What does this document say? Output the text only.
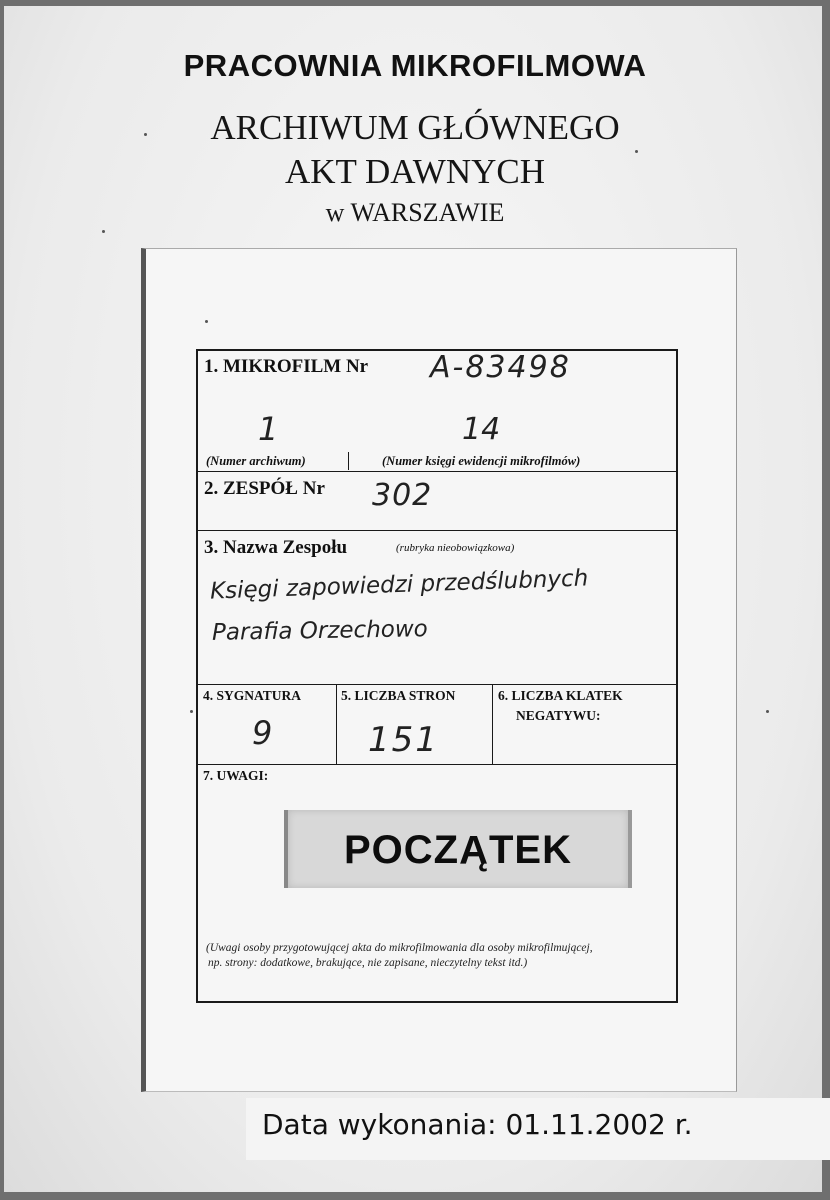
PRACOWNIA MIKROFILMOWA
ARCHIWUM GŁÓWNEGO
AKT DAWNYCH
w WARSZAWIE
1. MIKROFILM Nr A-83498
1	14
(Numer archiwum)	(Numer księgi ewidencji mikrofilmów)
2. ZESPÓŁ Nr 302
3. Nazwa Zespołu	(rubryka nieobowiązkowa)
Księgi zapowiedzi przedślubnych
Parafia Orzechowo
4. SYGNATURA
9
5. LICZBA STRON
151
6. LICZBA KLATEK
NEGATYWU:
7. UWAGI:
POCZĄTEK
(Uwagi osoby przygotowującej akta do mikrofilmowania dla osoby mikrofilmującej,
np. strony: dodatkowe, brakujące, nie zapisane, nieczytelny tekst itd.)
Data wykonania: 01.11.2002 r.
